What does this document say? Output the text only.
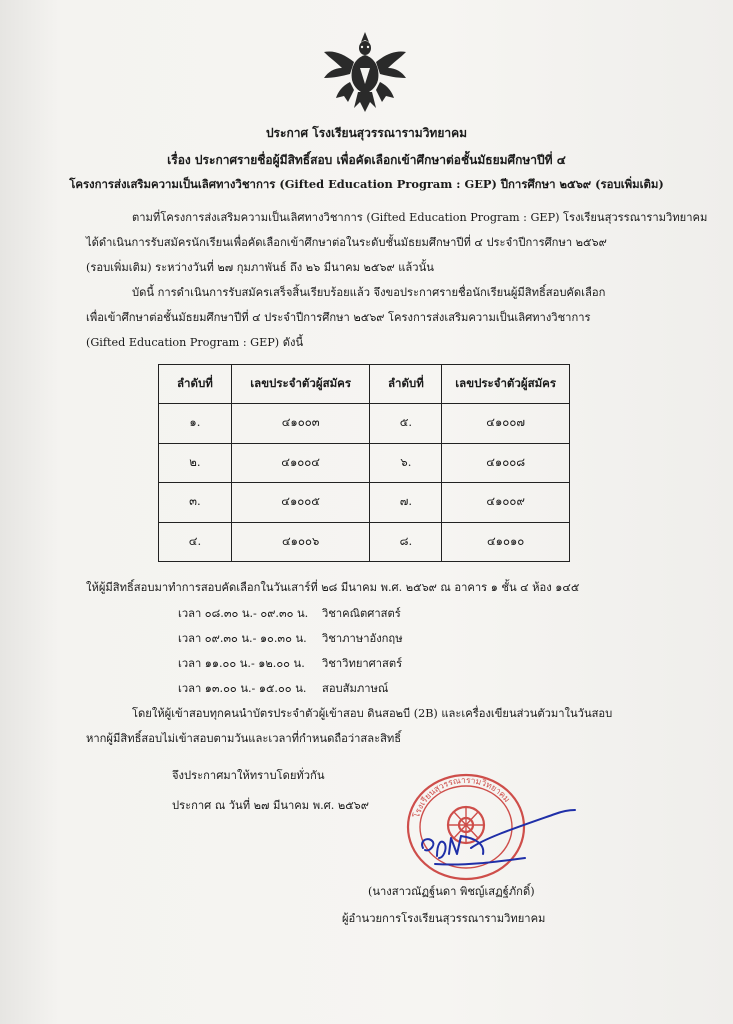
ประกาศ โรงเรียนสุวรรณารามวิทยาคม
เรื่อง ประกาศรายชื่อผู้มีสิทธิ์สอบ เพื่อคัดเลือกเข้าศึกษาต่อชั้นมัธยมศึกษาปีที่ ๔
โครงการส่งเสริมความเป็นเลิศทางวิชาการ (Gifted Education Program : GEP) ปีการศึกษา ๒๕๖๙ (รอบเพิ่มเติม)
ตามที่โครงการส่งเสริมความเป็นเลิศทางวิชาการ (Gifted Education Program : GEP) โรงเรียนสุวรรณารามวิทยาคม
ได้ดำเนินการรับสมัครนักเรียนเพื่อคัดเลือกเข้าศึกษาต่อในระดับชั้นมัธยมศึกษาปีที่ ๔ ประจำปีการศึกษา ๒๕๖๙
(รอบเพิ่มเติม) ระหว่างวันที่ ๒๗ กุมภาพันธ์ ถึง ๒๖ มีนาคม ๒๕๖๙ แล้วนั้น
บัดนี้ การดำเนินการรับสมัครเสร็จสิ้นเรียบร้อยแล้ว จึงขอประกาศรายชื่อนักเรียนผู้มีสิทธิ์สอบคัดเลือก
เพื่อเข้าศึกษาต่อชั้นมัธยมศึกษาปีที่ ๔ ประจำปีการศึกษา ๒๕๖๙ โครงการส่งเสริมความเป็นเลิศทางวิชาการ
(Gifted Education Program : GEP) ดังนี้
ลำดับที่	เลขประจำตัวผู้สมัคร	ลำดับที่	เลขประจำตัวผู้สมัคร
๑.	๔๑๐๐๓	๕.	๔๑๐๐๗
๒.	๔๑๐๐๔	๖.	๔๑๐๐๘
๓.	๔๑๐๐๕	๗.	๔๑๐๐๙
๔.	๔๑๐๐๖	๘.	๔๑๐๑๐
ให้ผู้มีสิทธิ์สอบมาทำการสอบคัดเลือกในวันเสาร์ที่ ๒๘ มีนาคม พ.ศ. ๒๕๖๙ ณ อาคาร ๑ ชั้น ๔ ห้อง ๑๔๕
เวลา ๐๘.๓๐ น.- ๐๙.๓๐ น. วิชาคณิตศาสตร์
เวลา ๐๙.๓๐ น.- ๑๐.๓๐ น. วิชาภาษาอังกฤษ
เวลา ๑๑.๐๐ น.- ๑๒.๐๐ น. วิชาวิทยาศาสตร์
เวลา ๑๓.๐๐ น.- ๑๕.๐๐ น. สอบสัมภาษณ์
โดยให้ผู้เข้าสอบทุกคนนำบัตรประจำตัวผู้เข้าสอบ ดินสอ๒บี (2B) และเครื่องเขียนส่วนตัวมาในวันสอบ
หากผู้มีสิทธิ์สอบไม่เข้าสอบตามวันและเวลาที่กำหนดถือว่าสละสิทธิ์
จึงประกาศมาให้ทราบโดยทั่วกัน
ประกาศ ณ วันที่ ๒๗ มีนาคม พ.ศ. ๒๕๖๙
โรงเรียนสุวรรณารามวิทยาคม
(นางสาวณัฏฐ์นดา พิชญ์เสฏฐ์ภักดิ์)
ผู้อำนวยการโรงเรียนสุวรรณารามวิทยาคม
